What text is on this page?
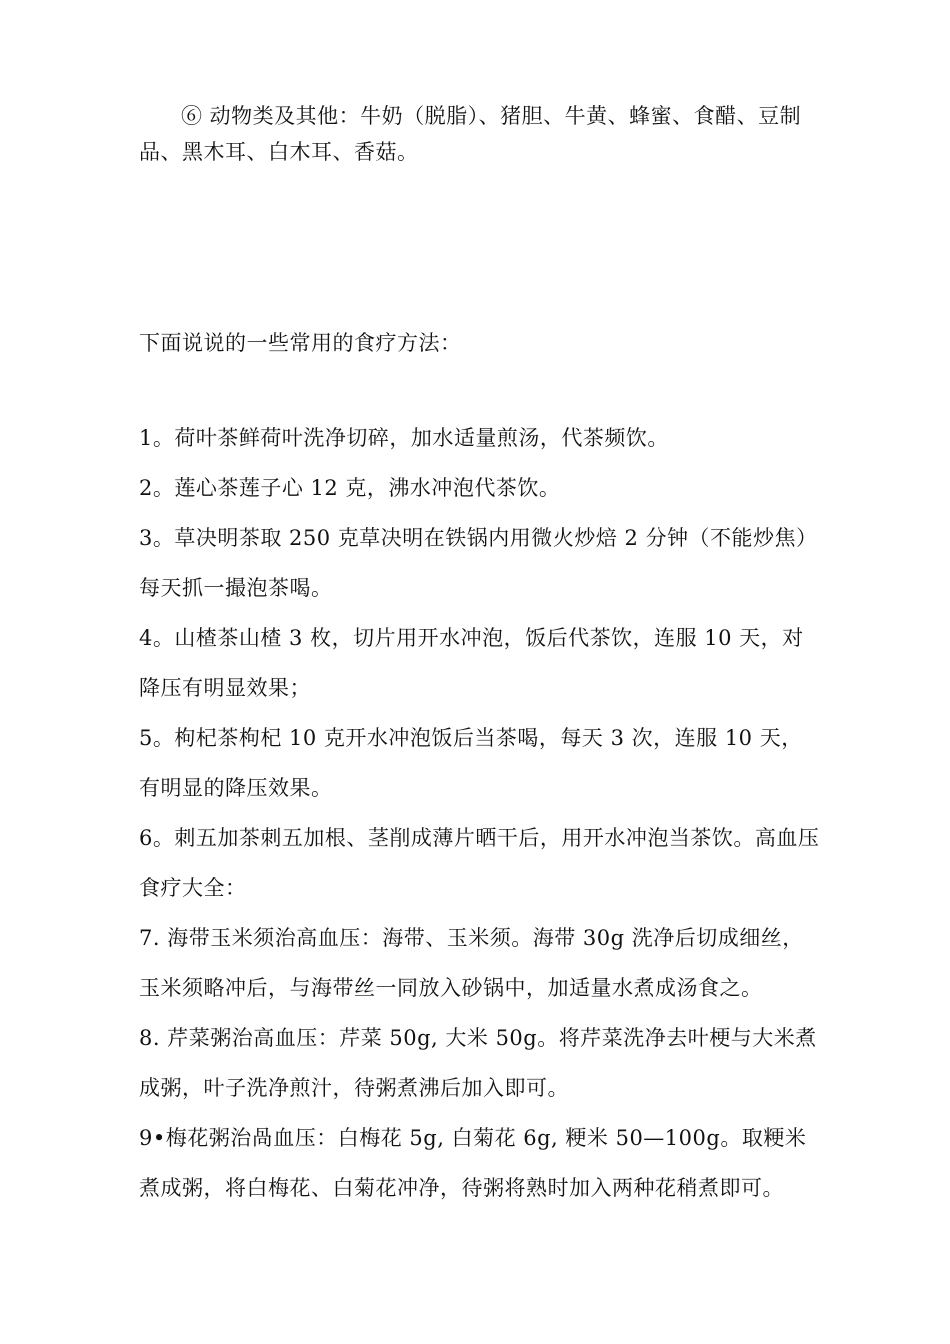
⑥ 动物类及其他：牛奶（脱脂）、猪胆、牛黄、蜂蜜、食醋、豆制品、黑木耳、白木耳、香菇。

下面说说的一些常用的食疗方法：

1。荷叶茶鲜荷叶洗净切碎，加水适量煎汤，代茶频饮。
2。莲心茶莲子心 12 克，沸水冲泡代茶饮。
3。草决明茶取 250 克草决明在铁锅内用微火炒焙 2 分钟（不能炒焦）每天抓一撮泡茶喝。
4。山楂茶山楂 3 枚，切片用开水冲泡，饭后代茶饮，连服 10 天，对降压有明显效果；
5。枸杞茶枸杞 10 克开水冲泡饭后当茶喝，每天 3 次，连服 10 天，有明显的降压效果。
6。刺五加茶刺五加根、茎削成薄片晒干后，用开水冲泡当茶饮。高血压食疗大全：
7. 海带玉米须治高血压：海带、玉米须。海带 30g 洗净后切成细丝，玉米须略冲后，与海带丝一同放入砂锅中，加适量水煮成汤食之。
8. 芹菜粥治高血压：芹菜 50g, 大米 50g。将芹菜洗净去叶梗与大米煮成粥，叶子洗净煎汁，待粥煮沸后加入即可。
9•梅花粥治咼血压：白梅花 5g, 白菊花 6g, 粳米 50—100g。取粳米煮成粥，将白梅花、白菊花冲净，待粥将熟时加入两种花稍煮即可。
